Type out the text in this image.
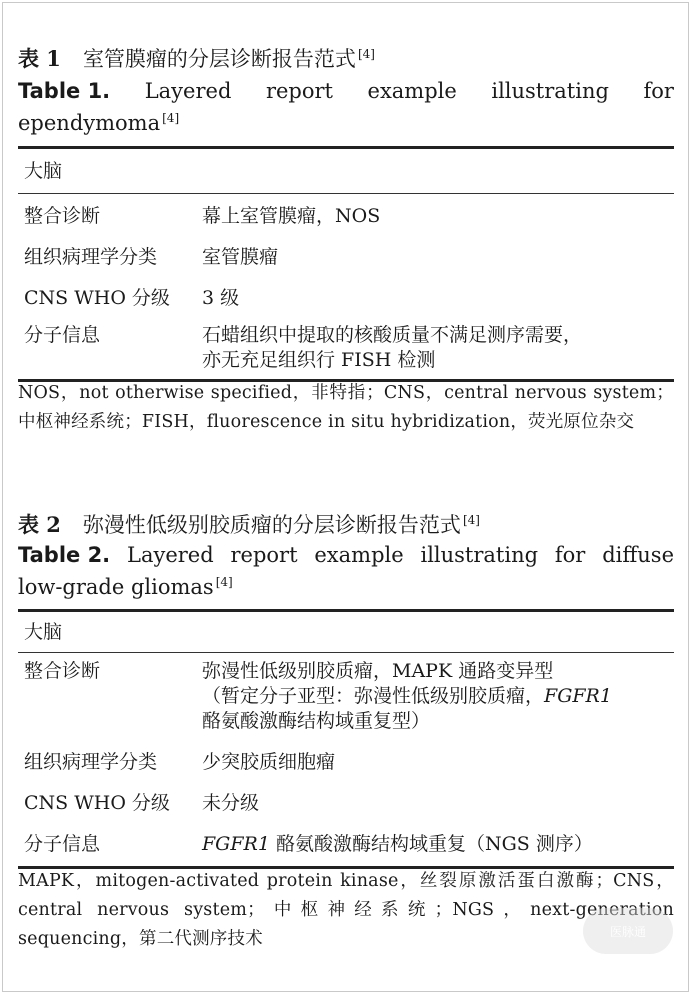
表 1 室管膜瘤的分层诊断报告范式 [4]
Table 1. Layered report example illustrating for
ependymoma [4]
大脑
整合诊断	幕上室管膜瘤，NOS
组织病理学分类	室管膜瘤
CNS WHO 分级	3 级
分子信息	石蜡组织中提取的核酸质量不满足测序需要，
亦无充足组织行 FISH 检测
NOS，not otherwise specified，非特指；CNS，central nervous system；中枢神经系统；FISH，fluorescence in situ hybridization，荧光原位杂交
表 2 弥漫性低级别胶质瘤的分层诊断报告范式 [4]
Table 2. Layered report example illustrating for diffuse
low-grade gliomas [4]
大脑
整合诊断	弥漫性低级别胶质瘤，MAPK 通路变异型
（暂定分子亚型：弥漫性低级别胶质瘤，FGFR1
酪氨酸激酶结构域重复型）
组织病理学分类	少突胶质细胞瘤
CNS WHO 分级	未分级
分子信息	FGFR1 酪氨酸激酶结构域重复（NGS 测序）
MAPK，mitogen-activated protein kinase，丝裂原激活蛋白激酶；CNS，central nervous system；中枢神经系统；NGS，next-generation sequencing，第二代测序技术	医脉通
